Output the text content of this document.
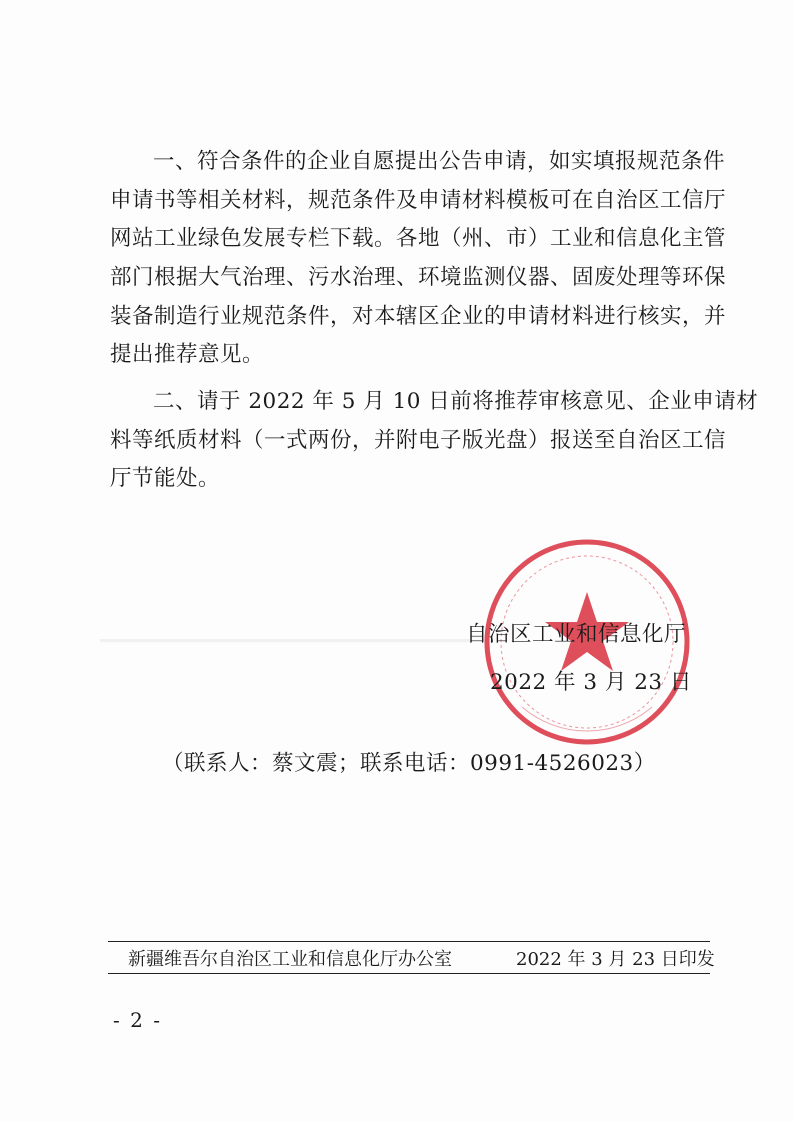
▁▁▁▁▁▁▁▁▁▁▁▁▁▁▁▁▁▁▁▁▁▁▁

一、符合条件的企业自愿提出公告申请，如实填报规范条件
申请书等相关材料，规范条件及申请材料模板可在自治区工信厅
网站工业绿色发展专栏下载。各地（州、市）工业和信息化主管
部门根据大气治理、污水治理、环境监测仪器、固废处理等环保
装备制造行业规范条件，对本辖区企业的申请材料进行核实，并
提出推荐意见。

二、请于 2022 年 5 月 10 日前将推荐审核意见、企业申请材
料等纸质材料（一式两份，并附电子版光盘）报送至自治区工信
厅节能处。

自治区工业和信息化厅
2022 年 3 月 23 日
（联系人：蔡文震；联系电话：0991-4526023）
新疆维吾尔自治区工业和信息化厅办公室	2022 年 3 月 23 日印发
- 2 -
